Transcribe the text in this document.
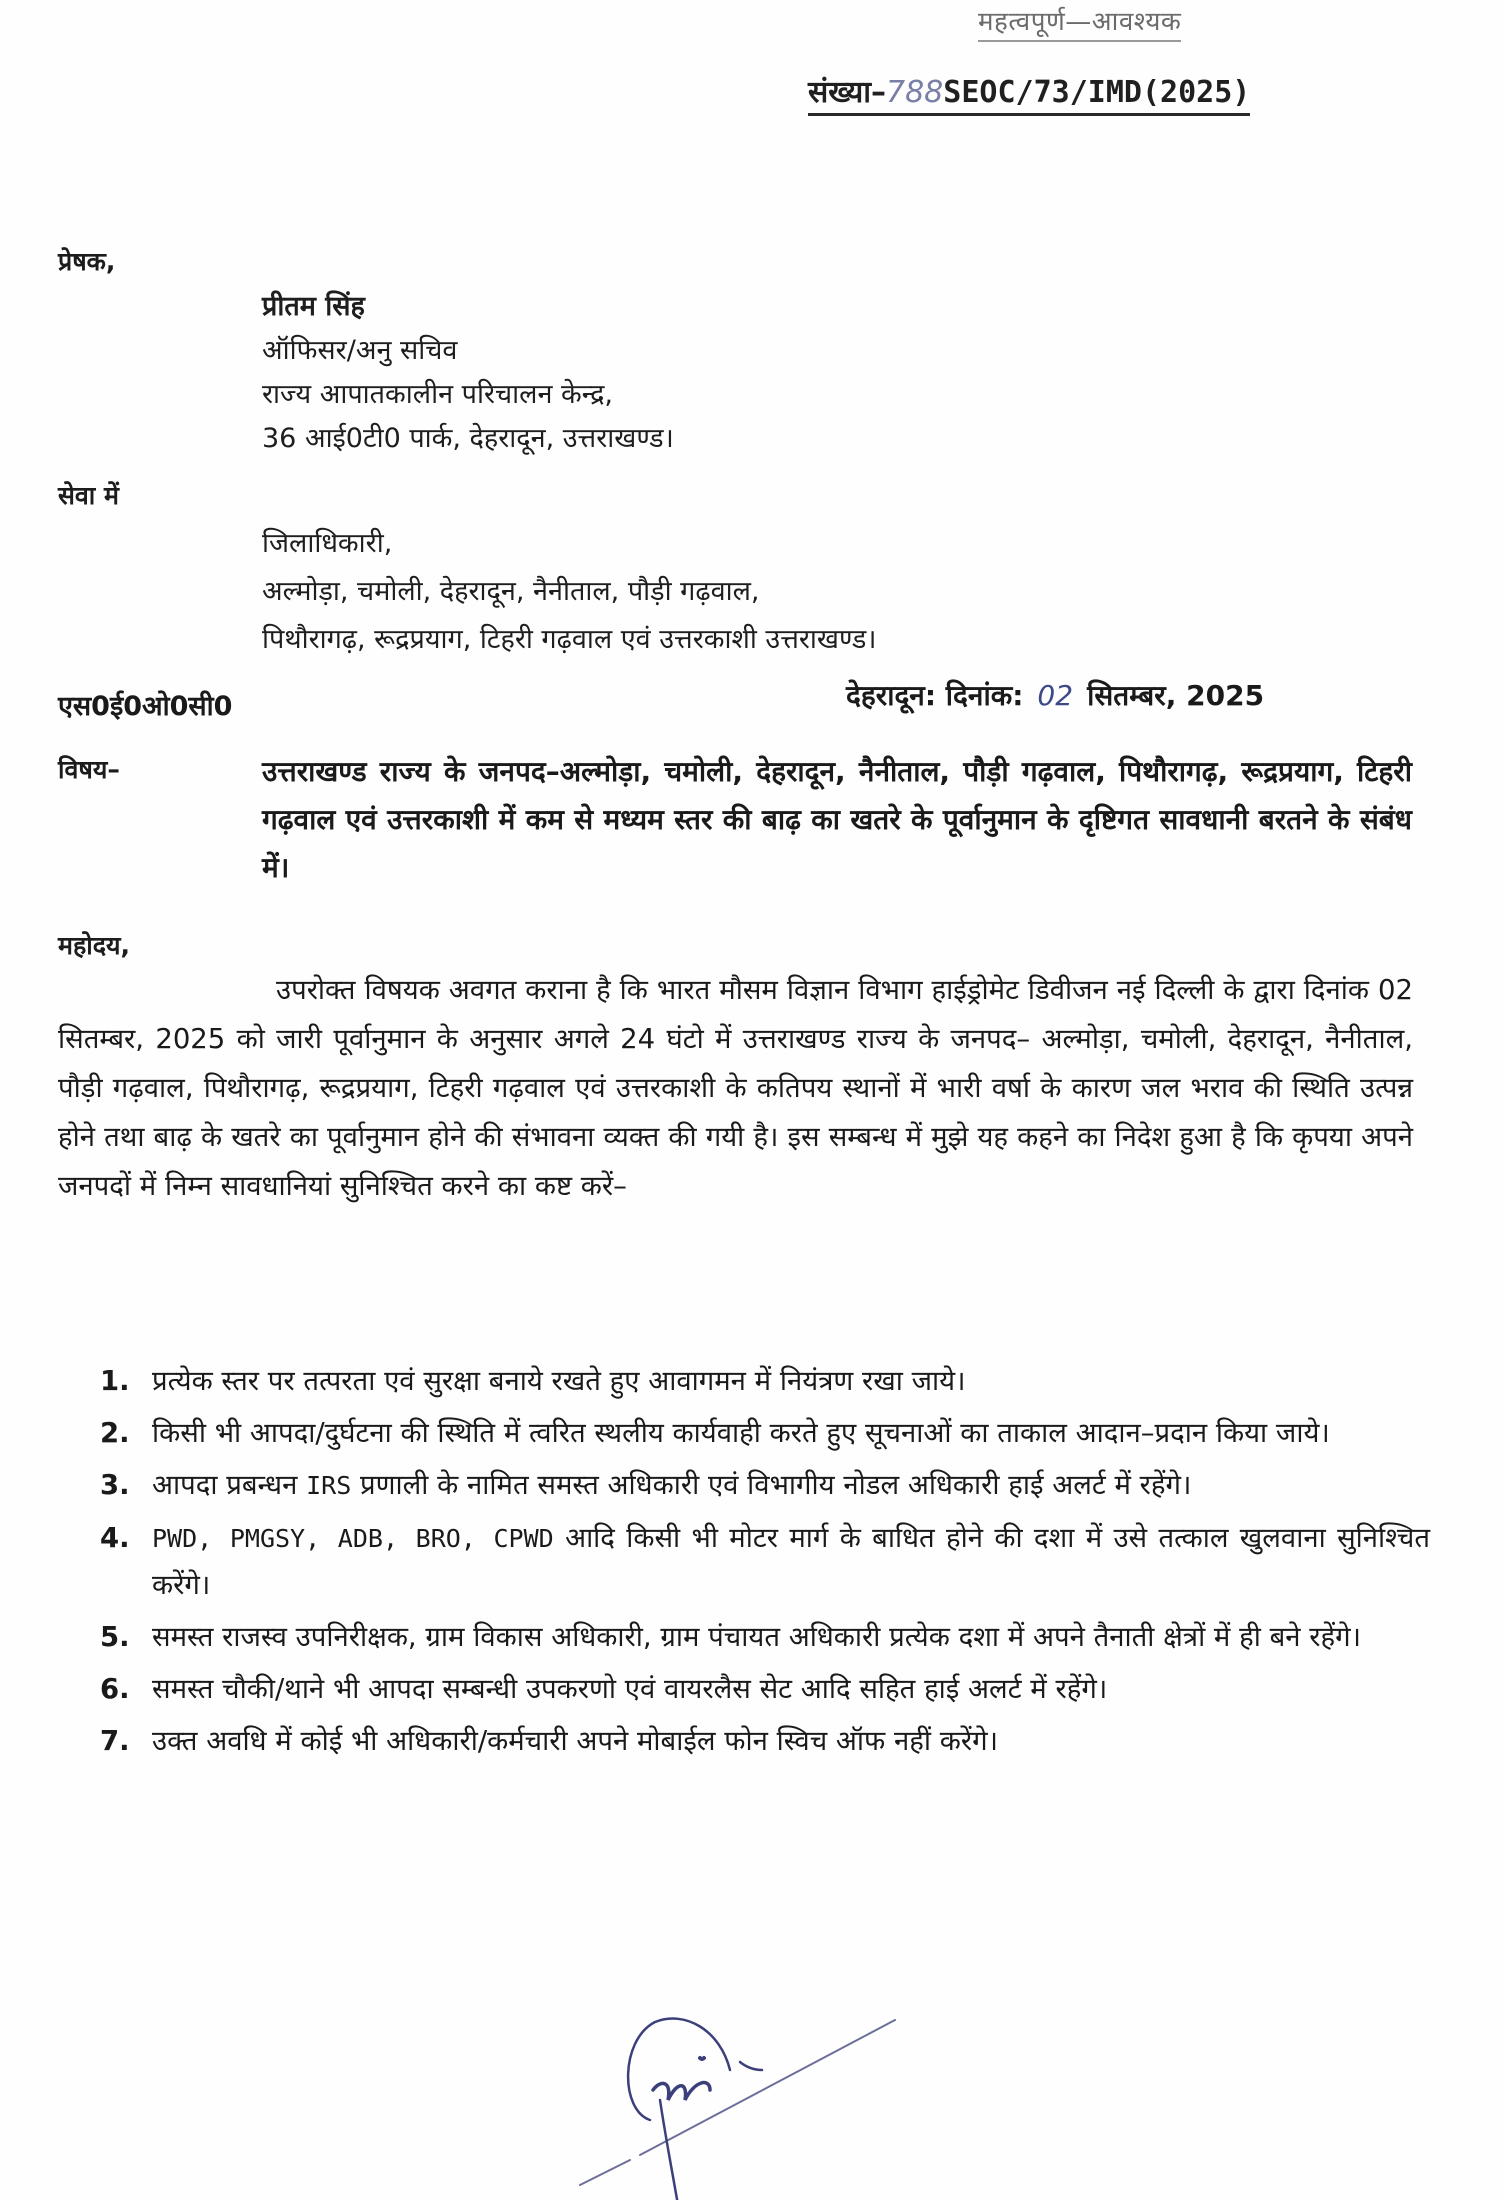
महत्वपूर्ण—आवश्यक
संख्या–788SEOC/73/IMD(2025)
प्रेषक,
प्रीतम सिंह
ऑफिसर/अनु सचिव
राज्य आपातकालीन परिचालन केन्द्र,
36 आई0टी0 पार्क, देहरादून, उत्तराखण्ड।
सेवा में
जिलाधिकारी,
अल्मोड़ा, चमोली, देहरादून, नैनीताल, पौड़ी गढ़वाल,
पिथौरागढ़, रूद्रप्रयाग, टिहरी गढ़वाल एवं उत्तरकाशी उत्तराखण्ड।
एस0ई0ओ0सी0	देहरादून: दिनांक: 02 सितम्बर, 2025
विषय–	उत्तराखण्ड राज्य के जनपद–अल्मोड़ा, चमोली, देहरादून, नैनीताल, पौड़ी गढ़वाल, पिथौरागढ़, रूद्रप्रयाग, टिहरी गढ़वाल एवं उत्तरकाशी में कम से मध्यम स्तर की बाढ़ का खतरे के पूर्वानुमान के दृष्टिगत सावधानी बरतने के संबंध में।
महोदय,
उपरोक्त विषयक अवगत कराना है कि भारत मौसम विज्ञान विभाग हाईड्रोमेट डिवीजन नई दिल्ली के द्वारा दिनांक 02 सितम्बर, 2025 को जारी पूर्वानुमान के अनुसार अगले 24 घंटो में उत्तराखण्ड राज्य के जनपद– अल्मोड़ा, चमोली, देहरादून, नैनीताल, पौड़ी गढ़वाल, पिथौरागढ़, रूद्रप्रयाग, टिहरी गढ़वाल एवं उत्तरकाशी के कतिपय स्थानों में भारी वर्षा के कारण जल भराव की स्थिति उत्पन्न होने तथा बाढ़ के खतरे का पूर्वानुमान होने की संभावना व्यक्त की गयी है। इस सम्बन्ध में मुझे यह कहने का निदेश हुआ है कि कृपया अपने जनपदों में निम्न सावधानियां सुनिश्चित करने का कष्ट करें–
1. प्रत्येक स्तर पर तत्परता एवं सुरक्षा बनाये रखते हुए आवागमन में नियंत्रण रखा जाये।
2. किसी भी आपदा/दुर्घटना की स्थिति में त्वरित स्थलीय कार्यवाही करते हुए सूचनाओं का ताकाल आदान–प्रदान किया जाये।
3. आपदा प्रबन्धन IRS प्रणाली के नामित समस्त अधिकारी एवं विभागीय नोडल अधिकारी हाई अलर्ट में रहेंगे।
4. PWD, PMGSY, ADB, BRO, CPWD आदि किसी भी मोटर मार्ग के बाधित होने की दशा में उसे तत्काल खुलवाना सुनिश्चित करेंगे।
5. समस्त राजस्व उपनिरीक्षक, ग्राम विकास अधिकारी, ग्राम पंचायत अधिकारी प्रत्येक दशा में अपने तैनाती क्षेत्रों में ही बने रहेंगे।
6. समस्त चौकी/थाने भी आपदा सम्बन्धी उपकरणो एवं वायरलैस सेट आदि सहित हाई अलर्ट में रहेंगे।
7. उक्त अवधि में कोई भी अधिकारी/कर्मचारी अपने मोबाईल फोन स्विच ऑफ नहीं करेंगे।
